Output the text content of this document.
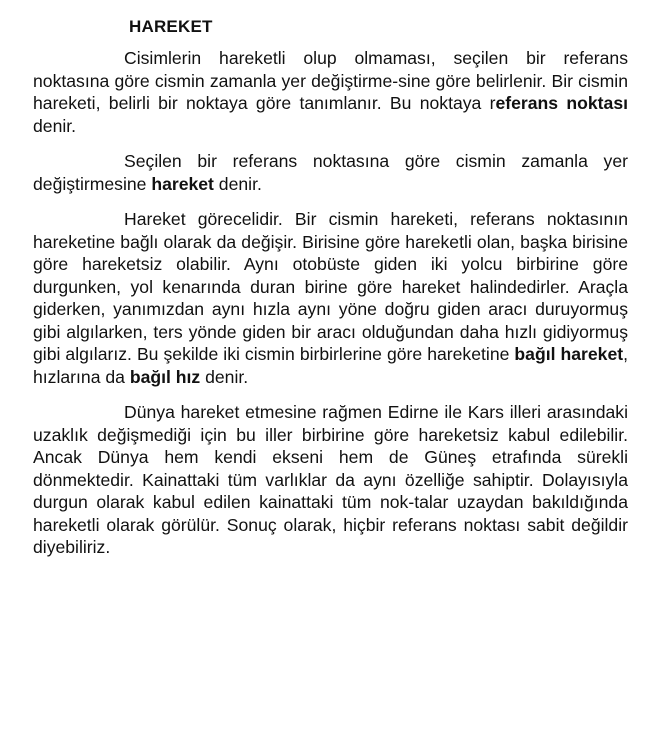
HAREKET

Cisimlerin hareketli olup olmaması, seçilen bir referans noktasına göre cismin zamanla yer değiştirme-sine göre belirlenir. Bir cismin hareketi, belirli bir noktaya göre tanımlanır. Bu noktaya referans noktası denir.

Seçilen bir referans noktasına göre cismin zamanla yer değiştirmesine hareket denir.

Hareket görecelidir. Bir cismin hareketi, referans noktasının hareketine bağlı olarak da değişir. Birisine göre hareketli olan, başka birisine göre hareketsiz olabilir. Aynı otobüste giden iki yolcu birbirine göre durgunken, yol kenarında duran birine göre hareket halindedirler. Araçla giderken, yanımızdan aynı hızla aynı yöne doğru giden aracı duruyormuş gibi algılarken, ters yönde giden bir aracı olduğundan daha hızlı gidiyormuş gibi algılarız. Bu şekilde iki cismin birbirlerine göre hareketine bağıl hareket, hızlarına da bağıl hız denir.

Dünya hareket etmesine rağmen Edirne ile Kars illeri arasındaki uzaklık değişmediği için bu iller birbirine göre hareketsiz kabul edilebilir. Ancak Dünya hem kendi ekseni hem de Güneş etrafında sürekli dönmektedir. Kainattaki tüm varlıklar da aynı özelliğe sahiptir. Dolayısıyla durgun olarak kabul edilen kainattaki tüm nok-talar uzaydan bakıldığında hareketli olarak görülür. Sonuç olarak, hiçbir referans noktası sabit değildir diyebiliriz.
